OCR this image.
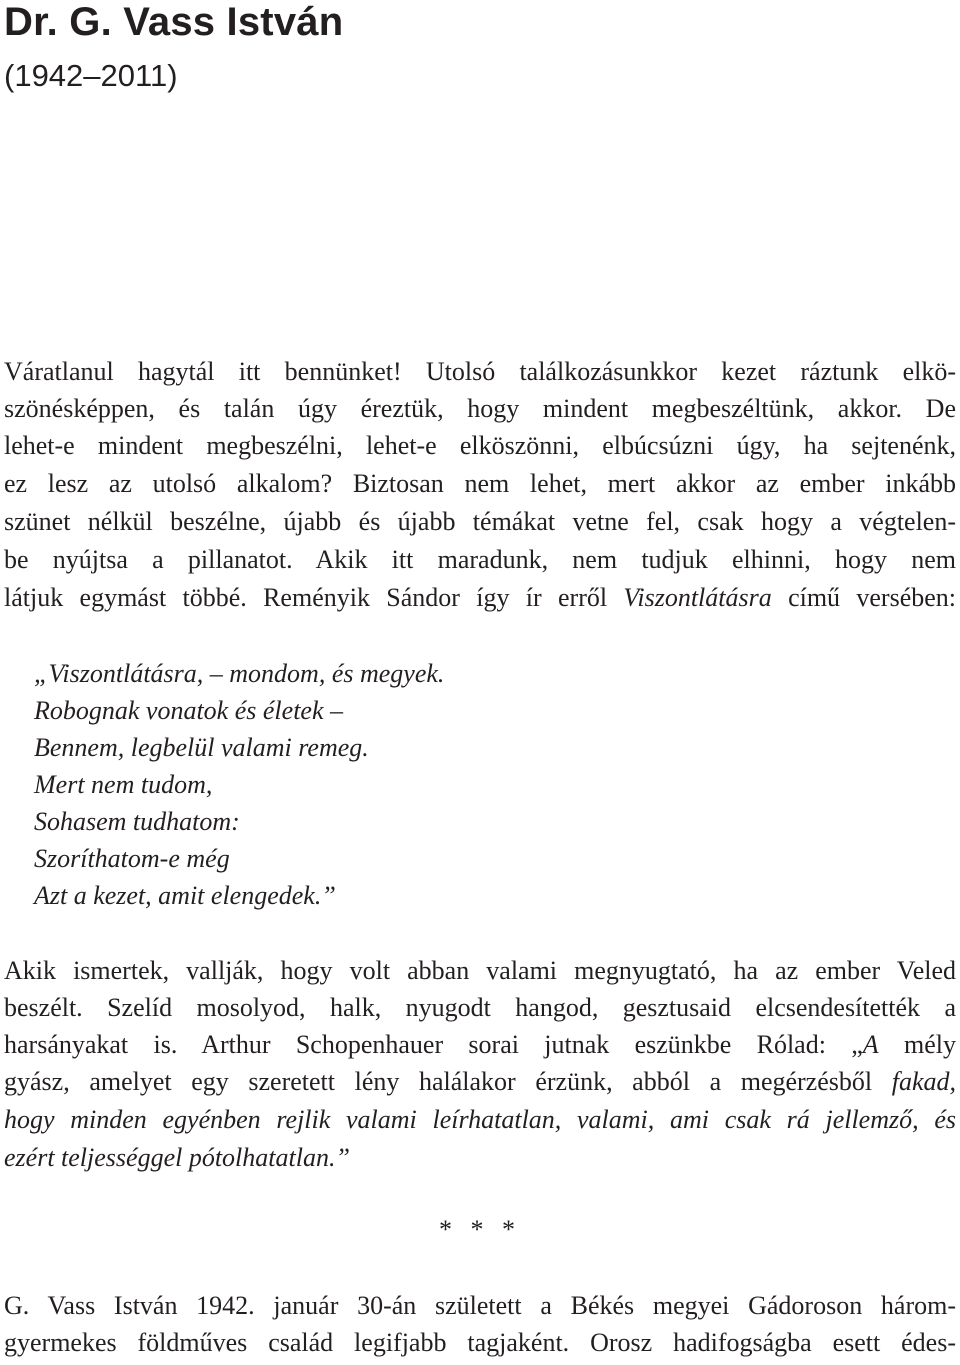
Dr. G. Vass István
(1942–2011)

Váratlanul hagytál itt bennünket! Utolsó találkozásunkkor kezet ráztunk elkö-

szönésképpen, és talán úgy éreztük, hogy mindent megbeszéltünk, akkor. De

lehet-e mindent megbeszélni, lehet-e elköszönni, elbúcsúzni úgy, ha sejtenénk,

ez lesz az utolsó alkalom? Biztosan nem lehet, mert akkor az ember inkább

szünet nélkül beszélne, újabb és újabb témákat vetne fel, csak hogy a végtelen-

be nyújtsa a pillanatot. Akik itt maradunk, nem tudjuk elhinni, hogy nem

látjuk egymást többé. Reményik Sándor így ír erről Viszontlátásra című versében:

„Viszontlátásra, – mondom, és megyek.

Robognak vonatok és életek –

Bennem, legbelül valami remeg.

Mert nem tudom,

Sohasem tudhatom:

Szoríthatom-e még

Azt a kezet, amit elengedek.”

Akik ismertek, vallják, hogy volt abban valami megnyugtató, ha az ember Veled

beszélt. Szelíd mosolyod, halk, nyugodt hangod, gesztusaid elcsendesítették a

harsányakat is. Arthur Schopenhauer sorai jutnak eszünkbe Rólad: „A mély

gyász, amelyet egy szeretett lény halálakor érzünk, abból a megérzésből fakad,

hogy minden egyénben rejlik valami leírhatatlan, valami, ami csak rá jellemző, és

ezért teljességgel pótolhatatlan.”

* * *

G. Vass István 1942. január 30-án született a Békés megyei Gádoroson három-

gyermekes földműves család legifjabb tagjaként. Orosz hadifogságba esett édes-
